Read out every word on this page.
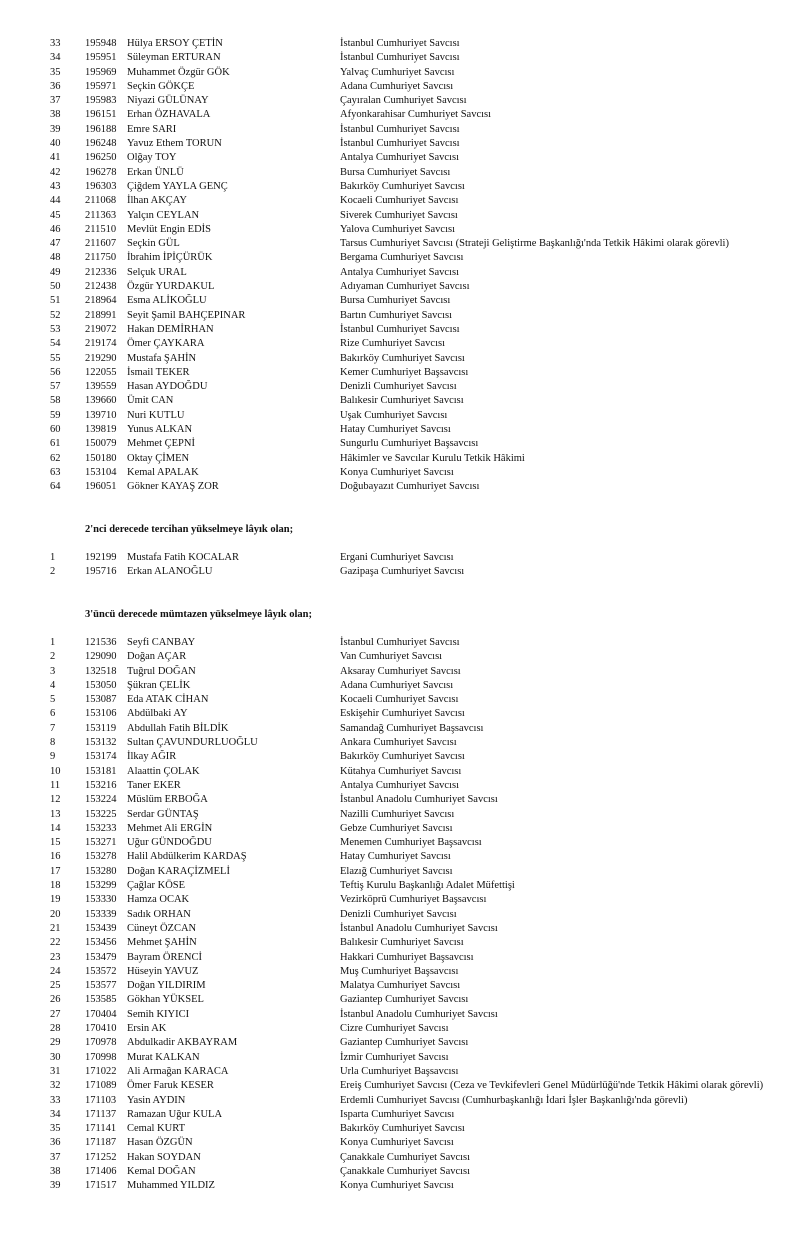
33 195948 Hülya ERSOY ÇETİN	İstanbul Cumhuriyet Savcısı
34 195951 Süleyman ERTURAN	İstanbul Cumhuriyet Savcısı
35 195969 Muhammet Özgür GÖK	Yalvaç Cumhuriyet Savcısı
36 195971 Seçkin GÖKÇE	Adana Cumhuriyet Savcısı
37 195983 Niyazi GÜLÜNAY	Çayıralan Cumhuriyet Savcısı
38 196151 Erhan ÖZHAVALA	Afyonkarahisar Cumhuriyet Savcısı
39 196188 Emre SARI	İstanbul Cumhuriyet Savcısı
40 196248 Yavuz Ethem TORUN	İstanbul Cumhuriyet Savcısı
41 196250 Olğay TOY	Antalya Cumhuriyet Savcısı
42 196278 Erkan ÜNLÜ	Bursa Cumhuriyet Savcısı
43 196303 Çiğdem YAYLA GENÇ	Bakırköy Cumhuriyet Savcısı
44 211068 İlhan AKÇAY	Kocaeli Cumhuriyet Savcısı
45 211363 Yalçın CEYLAN	Siverek Cumhuriyet Savcısı
46 211510 Mevlüt Engin EDİS	Yalova Cumhuriyet Savcısı
47 211607 Seçkin GÜL	Tarsus Cumhuriyet Savcısı (Strateji Geliştirme Başkanlığı'nda Tetkik Hâkimi olarak görevli)
48 211750 İbrahim İPİÇÜRÜK	Bergama Cumhuriyet Savcısı
49 212336 Selçuk URAL	Antalya Cumhuriyet Savcısı
50 212438 Özgür YURDAKUL	Adıyaman Cumhuriyet Savcısı
51 218964 Esma ALİKOĞLU	Bursa Cumhuriyet Savcısı
52 218991 Seyit Şamil BAHÇEPINAR	Bartın Cumhuriyet Savcısı
53 219072 Hakan DEMİRHAN	İstanbul Cumhuriyet Savcısı
54 219174 Ömer ÇAYKARA	Rize Cumhuriyet Savcısı
55 219290 Mustafa ŞAHİN	Bakırköy Cumhuriyet Savcısı
56 122055 İsmail TEKER	Kemer Cumhuriyet Başsavcısı
57 139559 Hasan AYDOĞDU	Denizli Cumhuriyet Savcısı
58 139660 Ümit CAN	Balıkesir Cumhuriyet Savcısı
59 139710 Nuri KUTLU	Uşak Cumhuriyet Savcısı
60 139819 Yunus ALKAN	Hatay Cumhuriyet Savcısı
61 150079 Mehmet ÇEPNİ	Sungurlu Cumhuriyet Başsavcısı
62 150180 Oktay ÇİMEN	Hâkimler ve Savcılar Kurulu Tetkik Hâkimi
63 153104 Kemal APALAK	Konya Cumhuriyet Savcısı
64 196051 Gökner KAYAŞ ZOR	Doğubayazıt Cumhuriyet Savcısı
2'nci derecede tercihan yükselmeye lâyık olan;
1	192199 Mustafa Fatih KOCALAR	Ergani Cumhuriyet Savcısı
2	195716 Erkan ALANOĞLU	Gazipaşa Cumhuriyet Savcısı
3'üncü derecede mümtazen yükselmeye lâyık olan;
1	121536 Seyfi CANBAY	İstanbul Cumhuriyet Savcısı
2	129090 Doğan AÇAR	Van Cumhuriyet Savcısı
3	132518 Tuğrul DOĞAN	Aksaray Cumhuriyet Savcısı
4	153050 Şükran ÇELİK	Adana Cumhuriyet Savcısı
5	153087 Eda ATAK CİHAN	Kocaeli Cumhuriyet Savcısı
6	153106 Abdülbaki AY	Eskişehir Cumhuriyet Savcısı
7	153119 Abdullah Fatih BİLDİK	Samandağ Cumhuriyet Başsavcısı
8	153132 Sultan ÇAVUNDURLUOĞLU	Ankara Cumhuriyet Savcısı
9	153174 İlkay AĞIR	Bakırköy Cumhuriyet Savcısı
10 153181 Alaattin ÇOLAK	Kütahya Cumhuriyet Savcısı
11 153216 Taner EKER	Antalya Cumhuriyet Savcısı
12 153224 Müslüm ERBOĞA	İstanbul Anadolu Cumhuriyet Savcısı
13 153225 Serdar GÜNTAŞ	Nazilli Cumhuriyet Savcısı
14 153233 Mehmet Ali ERGİN	Gebze Cumhuriyet Savcısı
15 153271 Uğur GÜNDOĞDU	Menemen Cumhuriyet Başsavcısı
16 153278 Halil Abdülkerim KARDAŞ	Hatay Cumhuriyet Savcısı
17 153280 Doğan KARAÇİZMELİ	Elazığ Cumhuriyet Savcısı
18 153299 Çağlar KÖSE	Teftiş Kurulu Başkanlığı Adalet Müfettişi
19 153330 Hamza OCAK	Vezirköprü Cumhuriyet Başsavcısı
20 153339 Sadık ORHAN	Denizli Cumhuriyet Savcısı
21 153439 Cüneyt ÖZCAN	İstanbul Anadolu Cumhuriyet Savcısı
22 153456 Mehmet ŞAHİN	Balıkesir Cumhuriyet Savcısı
23 153479 Bayram ÖRENCİ	Hakkari Cumhuriyet Başsavcısı
24 153572 Hüseyin YAVUZ	Muş Cumhuriyet Başsavcısı
25 153577 Doğan YILDIRIM	Malatya Cumhuriyet Savcısı
26 153585 Gökhan YÜKSEL	Gaziantep Cumhuriyet Savcısı
27 170404 Semih KIYICI	İstanbul Anadolu Cumhuriyet Savcısı
28 170410 Ersin AK	Cizre Cumhuriyet Savcısı
29 170978 Abdulkadir AKBAYRAM	Gaziantep Cumhuriyet Savcısı
30 170998 Murat KALKAN	İzmir Cumhuriyet Savcısı
31 171022 Ali Armağan KARACA	Urla Cumhuriyet Başsavcısı
32 171089 Ömer Faruk KESER	Ereiş Cumhuriyet Savcısı (Ceza ve Tevkifevleri Genel Müdürlüğü'nde Tetkik Hâkimi olarak görevli)
33 171103 Yasin AYDIN	Erdemli Cumhuriyet Savcısı (Cumhurbaşkanlığı İdari İşler Başkanlığı'nda görevli)
34 171137 Ramazan Uğur KULA	Isparta Cumhuriyet Savcısı
35 171141 Cemal KURT	Bakırköy Cumhuriyet Savcısı
36 171187 Hasan ÖZGÜN	Konya Cumhuriyet Savcısı
37 171252 Hakan SOYDAN	Çanakkale Cumhuriyet Savcısı
38 171406 Kemal DOĞAN	Çanakkale Cumhuriyet Savcısı
39 171517 Muhammed YILDIZ	Konya Cumhuriyet Savcısı
